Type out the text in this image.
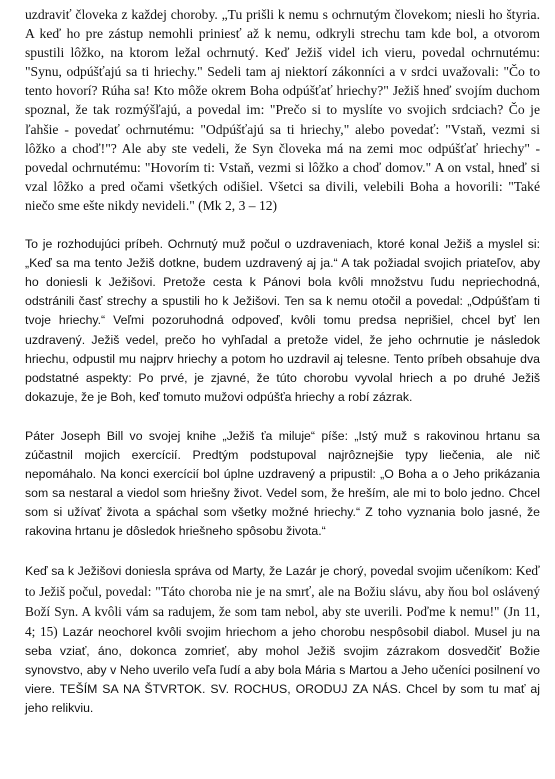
uzdraviť človeka z každej choroby. „Tu prišli k nemu s ochrnutým človekom; niesli ho štyria. A keď ho pre zástup nemohli priniesť až k nemu, odkryli strechu tam kde bol, a otvorom spustili lôžko, na ktorom ležal ochrnutý. Keď Ježiš videl ich vieru, povedal ochrnutému: "Synu, odpúšťajú sa ti hriechy." Sedeli tam aj niektorí zákonníci a v srdci uvažovali: "Čo to tento hovorí? Rúha sa! Kto môže okrem Boha odpúšťať hriechy?" Ježiš hneď svojím duchom spoznal, že tak rozmýšľajú, a povedal im: "Prečo si to myslíte vo svojich srdciach? Čo je ľahšie - povedať ochrnutému: "Odpúšťajú sa ti hriechy," alebo povedať: "Vstaň, vezmi si lôžko a choď!"? Ale aby ste vedeli, že Syn človeka má na zemi moc odpúšťať hriechy" - povedal ochrnutému: "Hovorím ti: Vstaň, vezmi si lôžko a choď domov." A on vstal, hneď si vzal lôžko a pred očami všetkých odišiel. Všetci sa divili, velebili Boha a hovorili: "Také niečo sme ešte nikdy nevideli." (Mk 2, 3 – 12)

To je rozhodujúci príbeh. Ochrnutý muž počul o uzdraveniach, ktoré konal Ježiš a myslel si: „Keď sa ma tento Ježiš dotkne, budem uzdravený aj ja.“ A tak požiadal svojich priateľov, aby ho doniesli k Ježišovi. Pretože cesta k Pánovi bola kvôli množstvu ľudu nepriechodná, odstránili časť strechy a spustili ho k Ježišovi. Ten sa k nemu otočil a povedal: „Odpúšťam ti tvoje hriechy.“ Veľmi pozoruhodná odpoveď, kvôli tomu predsa neprišiel, chcel byť len uzdravený. Ježiš vedel, prečo ho vyhľadal a pretože videl, že jeho ochrnutie je následok hriechu, odpustil mu najprv hriechy a potom ho uzdravil aj telesne. Tento príbeh obsahuje dva podstatné aspekty: Po prvé, je zjavné, že túto chorobu vyvolal hriech a po druhé Ježiš dokazuje, že je Boh, keď tomuto mužovi odpúšťa hriechy a robí zázrak.

Páter Joseph Bill vo svojej knihe „Ježiš ťa miluje“ píše: „Istý muž s rakovinou hrtanu sa zúčastnil mojich exercícií. Predtým podstupoval najrôznejšie typy liečenia, ale nič nepomáhalo. Na konci exercícií bol úplne uzdravený a pripustil: „O Boha a o Jeho prikázania som sa nestaral a viedol som hriešny život. Vedel som, že hreším, ale mi to bolo jedno. Chcel som si užívať života a spáchal som všetky možné hriechy.“ Z toho vyznania bolo jasné, že rakovina hrtanu je dôsledok hriešneho spôsobu života.“

Keď sa k Ježišovi doniesla správa od Marty, že Lazár je chorý, povedal svojim učeníkom: Keď to Ježiš počul, povedal: "Táto choroba nie je na smrť, ale na Božiu slávu, aby ňou bol oslávený Boží Syn. A kvôli vám sa radujem, že som tam nebol, aby ste uverili. Poďme k nemu!" (Jn 11, 4; 15) Lazár neochorel kvôli svojim hriechom a jeho chorobu nespôsobil diabol. Musel ju na seba vziať, áno, dokonca zomrieť, aby mohol Ježiš svojim zázrakom dosvedčiť Božie synovstvo, aby v Neho uverilo veľa ľudí a aby bola Mária s Martou a Jeho učeníci posilnení vo viere. TEŠÍM SA NA ŠTVRTOK. SV. ROCHUS, ORODUJ ZA NÁS. Chcel by som tu mať aj jeho relikviu.
